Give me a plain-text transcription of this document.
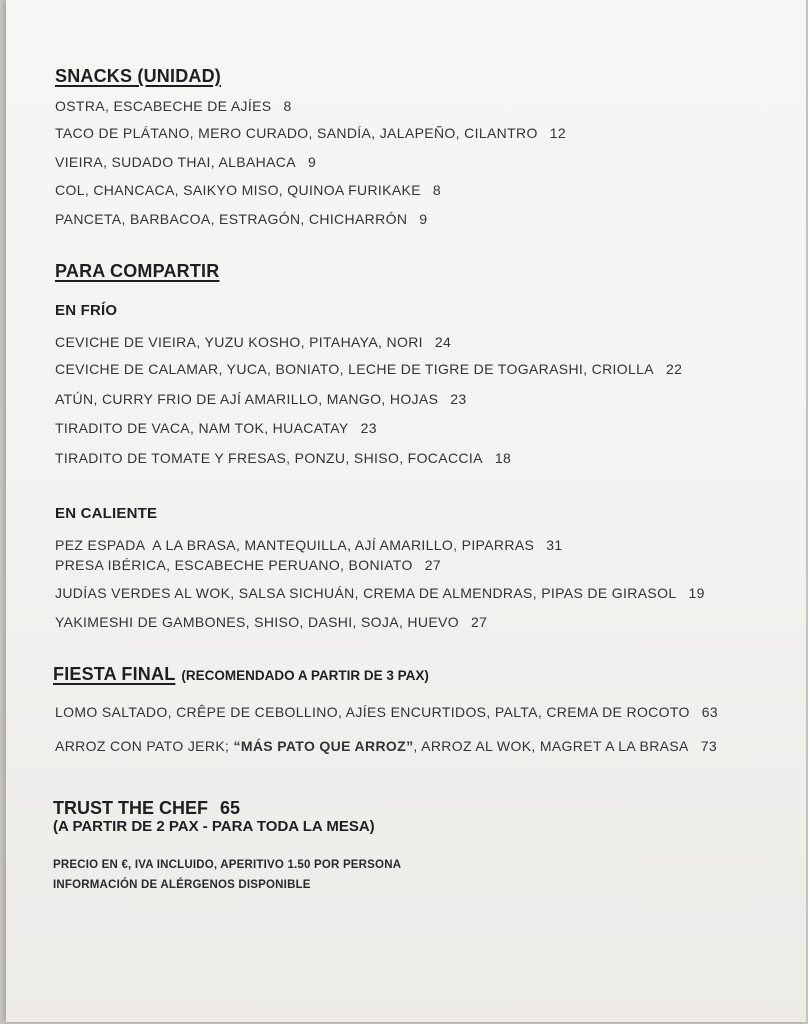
SNACKS (UNIDAD)
OSTRA, ESCABECHE DE AJÍES 8
TACO DE PLÁTANO, MERO CURADO, SANDÍA, JALAPEÑO, CILANTRO 12
VIEIRA, SUDADO THAI, ALBAHACA 9
COL, CHANCACA, SAIKYO MISO, QUINOA FURIKAKE 8
PANCETA, BARBACOA, ESTRAGÓN, CHICHARRÓN 9
PARA COMPARTIR
EN FRÍO
CEVICHE DE VIEIRA, YUZU KOSHO, PITAHAYA, NORI 24
CEVICHE DE CALAMAR, YUCA, BONIATO, LECHE DE TIGRE DE TOGARASHI, CRIOLLA 22
ATÚN, CURRY FRIO DE AJÍ AMARILLO, MANGO, HOJAS 23
TIRADITO DE VACA, NAM TOK, HUACATAY 23
TIRADITO DE TOMATE Y FRESAS, PONZU, SHISO, FOCACCIA 18
EN CALIENTE
PEZ ESPADA  A LA BRASA, MANTEQUILLA, AJÍ AMARILLO, PIPARRAS 31
PRESA IBÉRICA, ESCABECHE PERUANO, BONIATO 27
JUDÍAS VERDES AL WOK, SALSA SICHUÁN, CREMA DE ALMENDRAS, PIPAS DE GIRASOL 19
YAKIMESHI DE GAMBONES, SHISO, DASHI, SOJA, HUEVO 27
FIESTA FINAL (RECOMENDADO A PARTIR DE 3 PAX)
LOMO SALTADO, CRÊPE DE CEBOLLINO, AJÍES ENCURTIDOS, PALTA, CREMA DE ROCOTO 63
ARROZ CON PATO JERK; “MÁS PATO QUE ARROZ”, ARROZ AL WOK, MAGRET A LA BRASA 73
TRUST THE CHEF 65
(A PARTIR DE 2 PAX - PARA TODA LA MESA)
PRECIO EN €, IVA INCLUIDO, APERITIVO 1.50 POR PERSONA
INFORMACIÓN DE ALÉRGENOS DISPONIBLE
